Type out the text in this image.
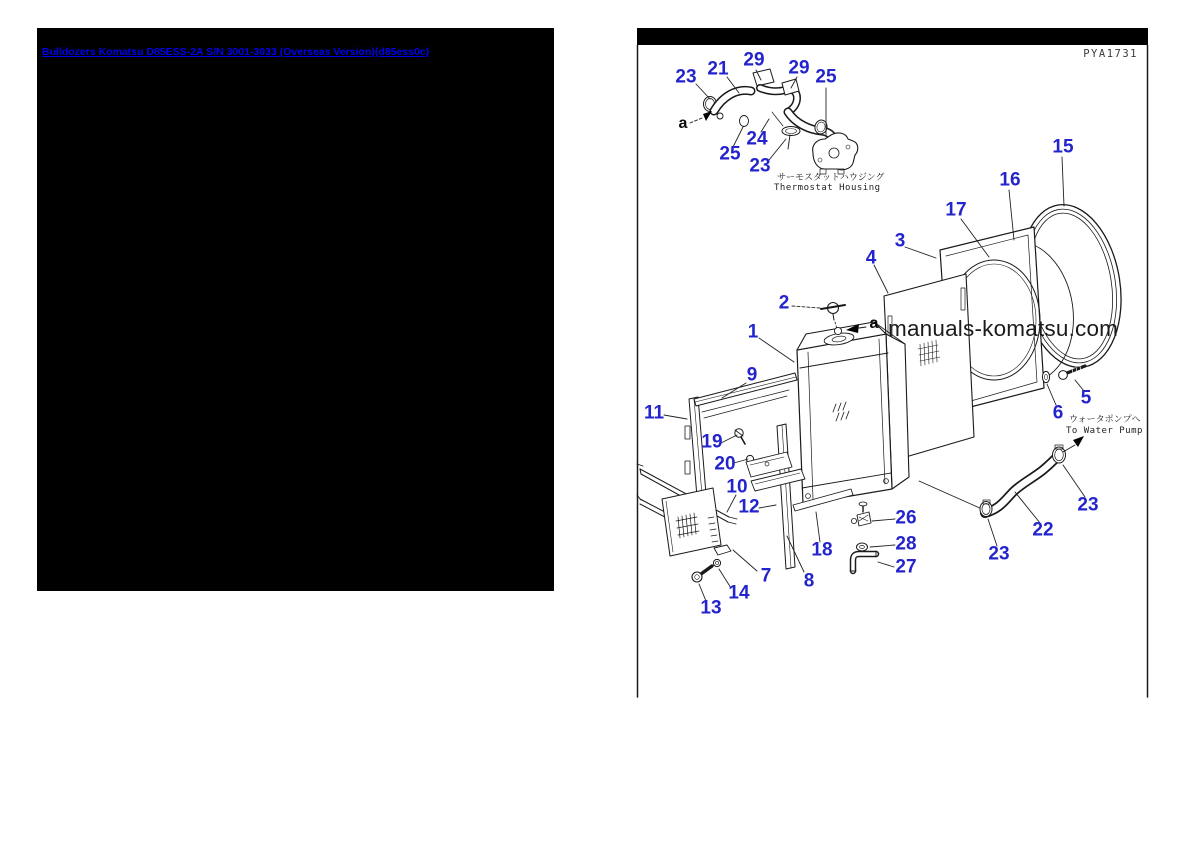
Bulldozers Komatsu D85ESS-2A S/N 3001-3033 (Overseas Version)(d85ess0c)	PYA1731
manuals-komatsu.com
サーモスタットハウジング
Thermostat Housing
ウォータポンプへ
To Water Pump
23 21 29 29 25
a
25
24
23
15
16
17
3
4
2
a
1
9
11
19
20
10
12
18
7 8
14
13
26
28
27
23
22
23
6
5
